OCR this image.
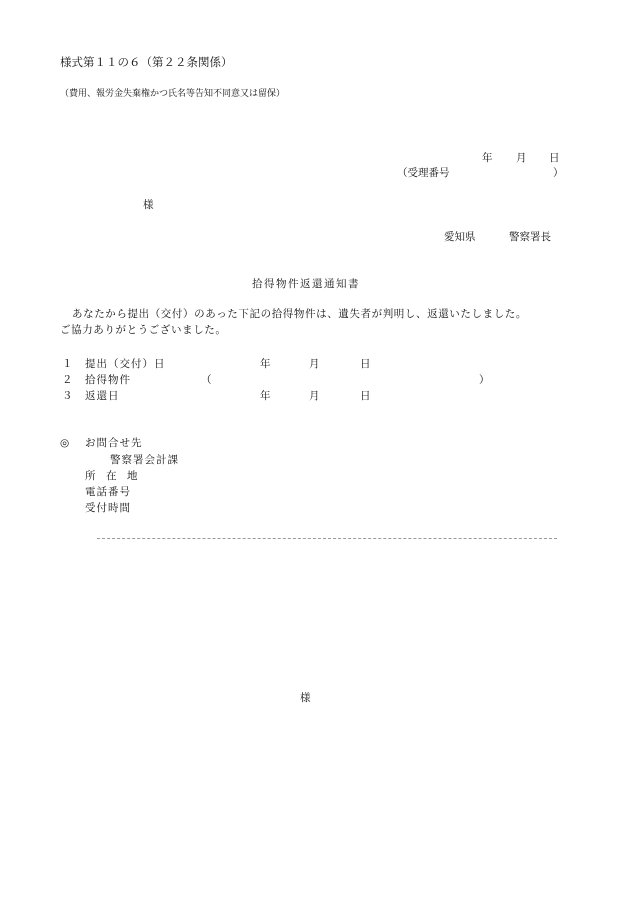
様式第１１の６（第２２条関係）
（費用、報労金失棄権かつ氏名等告知不同意又は留保）
年 月 日
（受理番号	）
様
愛知県	警察署長
拾得物件返還通知書
あなたから提出（交付）のあった下記の拾得物件は、遺失者が判明し、返還いたしました。
ご協力ありがとうございました。
１ 提出（交付）日	年	月	日
２ 拾得物件	（	）
３ 返還日	年	月	日
◎ お問合せ先
警察署会計課
所　在　地
電話番号
受付時間
様
